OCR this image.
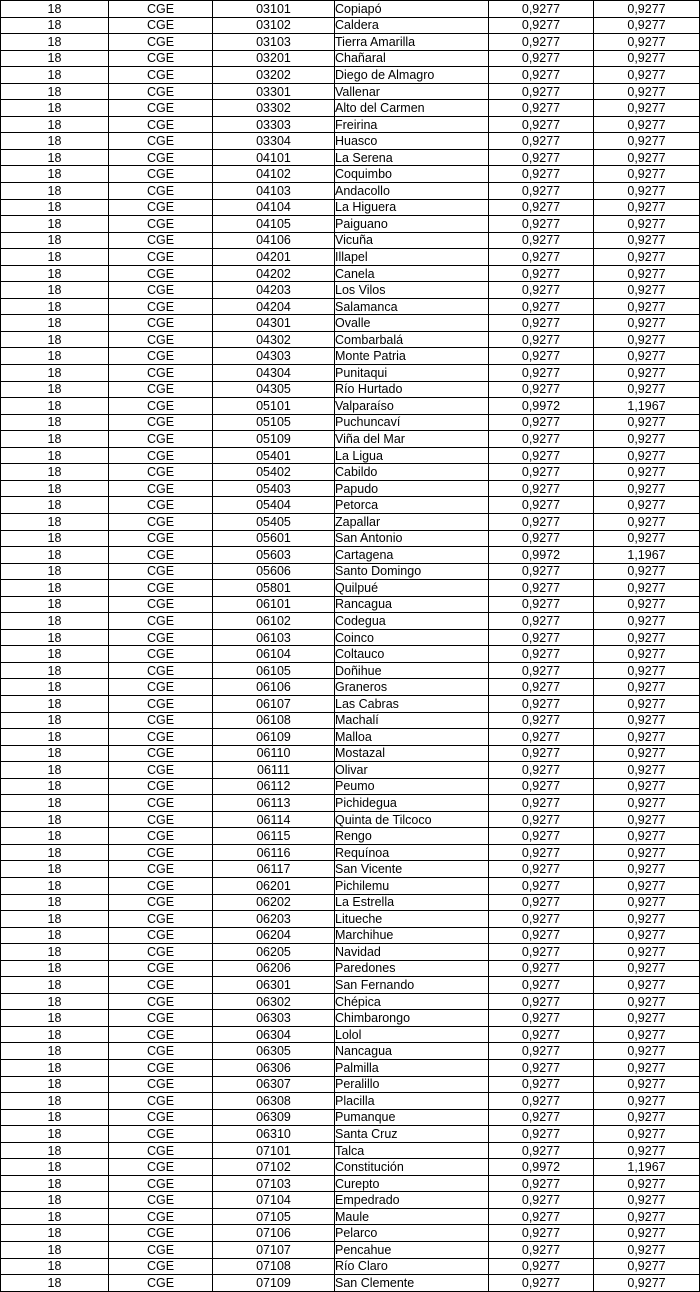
18	CGE	03101	Copiapó	0,9277	0,9277
18	CGE	03102	Caldera	0,9277	0,9277
18	CGE	03103	Tierra Amarilla	0,9277	0,9277
18	CGE	03201	Chañaral	0,9277	0,9277
18	CGE	03202	Diego de Almagro	0,9277	0,9277
18	CGE	03301	Vallenar	0,9277	0,9277
18	CGE	03302	Alto del Carmen	0,9277	0,9277
18	CGE	03303	Freirina	0,9277	0,9277
18	CGE	03304	Huasco	0,9277	0,9277
18	CGE	04101	La Serena	0,9277	0,9277
18	CGE	04102	Coquimbo	0,9277	0,9277
18	CGE	04103	Andacollo	0,9277	0,9277
18	CGE	04104	La Higuera	0,9277	0,9277
18	CGE	04105	Paiguano	0,9277	0,9277
18	CGE	04106	Vicuña	0,9277	0,9277
18	CGE	04201	Illapel	0,9277	0,9277
18	CGE	04202	Canela	0,9277	0,9277
18	CGE	04203	Los Vilos	0,9277	0,9277
18	CGE	04204	Salamanca	0,9277	0,9277
18	CGE	04301	Ovalle	0,9277	0,9277
18	CGE	04302	Combarbalá	0,9277	0,9277
18	CGE	04303	Monte Patria	0,9277	0,9277
18	CGE	04304	Punitaqui	0,9277	0,9277
18	CGE	04305	Río Hurtado	0,9277	0,9277
18	CGE	05101	Valparaíso	0,9972	1,1967
18	CGE	05105	Puchuncaví	0,9277	0,9277
18	CGE	05109	Viña del Mar	0,9277	0,9277
18	CGE	05401	La Ligua	0,9277	0,9277
18	CGE	05402	Cabildo	0,9277	0,9277
18	CGE	05403	Papudo	0,9277	0,9277
18	CGE	05404	Petorca	0,9277	0,9277
18	CGE	05405	Zapallar	0,9277	0,9277
18	CGE	05601	San Antonio	0,9277	0,9277
18	CGE	05603	Cartagena	0,9972	1,1967
18	CGE	05606	Santo Domingo	0,9277	0,9277
18	CGE	05801	Quilpué	0,9277	0,9277
18	CGE	06101	Rancagua	0,9277	0,9277
18	CGE	06102	Codegua	0,9277	0,9277
18	CGE	06103	Coinco	0,9277	0,9277
18	CGE	06104	Coltauco	0,9277	0,9277
18	CGE	06105	Doñihue	0,9277	0,9277
18	CGE	06106	Graneros	0,9277	0,9277
18	CGE	06107	Las Cabras	0,9277	0,9277
18	CGE	06108	Machalí	0,9277	0,9277
18	CGE	06109	Malloa	0,9277	0,9277
18	CGE	06110	Mostazal	0,9277	0,9277
18	CGE	06111	Olivar	0,9277	0,9277
18	CGE	06112	Peumo	0,9277	0,9277
18	CGE	06113	Pichidegua	0,9277	0,9277
18	CGE	06114	Quinta de Tilcoco	0,9277	0,9277
18	CGE	06115	Rengo	0,9277	0,9277
18	CGE	06116	Requínoa	0,9277	0,9277
18	CGE	06117	San Vicente	0,9277	0,9277
18	CGE	06201	Pichilemu	0,9277	0,9277
18	CGE	06202	La Estrella	0,9277	0,9277
18	CGE	06203	Litueche	0,9277	0,9277
18	CGE	06204	Marchihue	0,9277	0,9277
18	CGE	06205	Navidad	0,9277	0,9277
18	CGE	06206	Paredones	0,9277	0,9277
18	CGE	06301	San Fernando	0,9277	0,9277
18	CGE	06302	Chépica	0,9277	0,9277
18	CGE	06303	Chimbarongo	0,9277	0,9277
18	CGE	06304	Lolol	0,9277	0,9277
18	CGE	06305	Nancagua	0,9277	0,9277
18	CGE	06306	Palmilla	0,9277	0,9277
18	CGE	06307	Peralillo	0,9277	0,9277
18	CGE	06308	Placilla	0,9277	0,9277
18	CGE	06309	Pumanque	0,9277	0,9277
18	CGE	06310	Santa Cruz	0,9277	0,9277
18	CGE	07101	Talca	0,9277	0,9277
18	CGE	07102	Constitución	0,9972	1,1967
18	CGE	07103	Curepto	0,9277	0,9277
18	CGE	07104	Empedrado	0,9277	0,9277
18	CGE	07105	Maule	0,9277	0,9277
18	CGE	07106	Pelarco	0,9277	0,9277
18	CGE	07107	Pencahue	0,9277	0,9277
18	CGE	07108	Río Claro	0,9277	0,9277
18	CGE	07109	San Clemente	0,9277	0,9277
